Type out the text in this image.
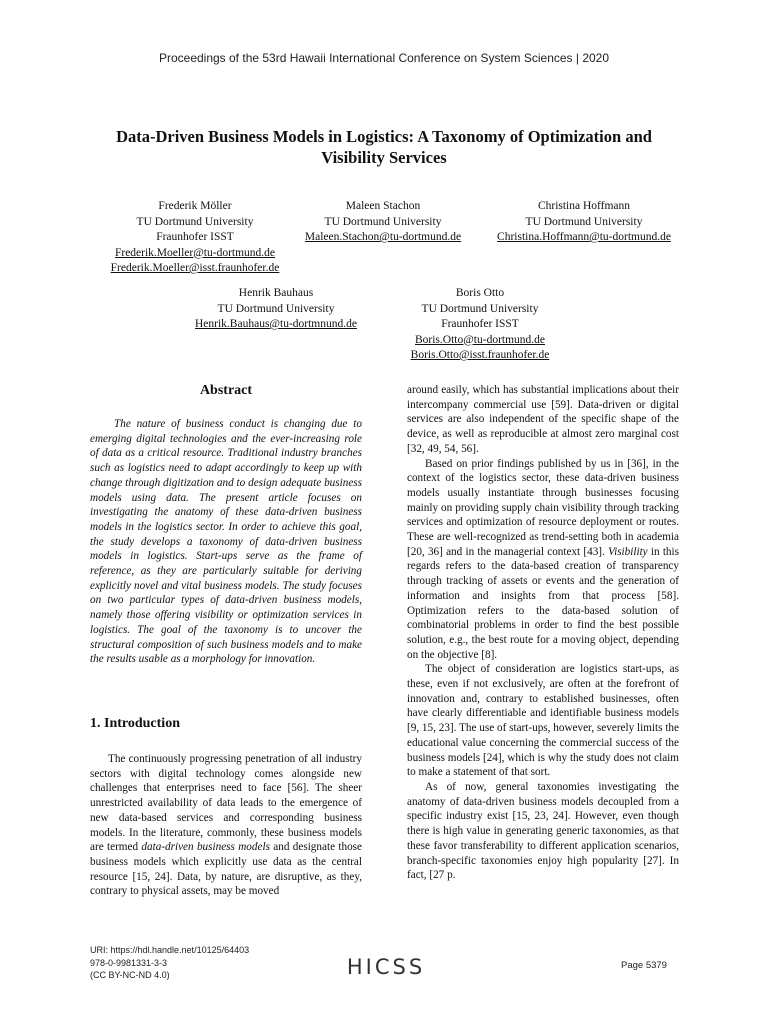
Proceedings of the 53rd Hawaii International Conference on System Sciences | 2020
Data-Driven Business Models in Logistics: A Taxonomy of Optimization and
Visibility Services
Frederik Möller
TU Dortmund University
Fraunhofer ISST
Frederik.Moeller@tu-dortmund.de
Frederik.Moeller@isst.fraunhofer.de
Maleen Stachon
TU Dortmund University
Maleen.Stachon@tu-dortmund.de
Christina Hoffmann
TU Dortmund University
Christina.Hoffmann@tu-dortmund.de
Henrik Bauhaus
TU Dortmund University
Henrik.Bauhaus@tu-dortmnund.de
Boris Otto
TU Dortmund University
Fraunhofer ISST
Boris.Otto@tu-dortmund.de
Boris.Otto@isst.fraunhofer.de
Abstract

The nature of business conduct is changing due to emerging digital technologies and the ever-increasing role of data as a critical resource. Traditional industry branches such as logistics need to adapt accordingly to keep up with change through digitization and to design adequate business models using data. The present article focuses on investigating the anatomy of these data-driven business models in the logistics sector. In order to achieve this goal, the study develops a taxonomy of data-driven business models in logistics. Start-ups serve as the frame of reference, as they are particularly suitable for deriving explicitly novel and vital business models. The study focuses on two particular types of data-driven business models, namely those offering visibility or optimization services in logistics. The goal of the taxonomy is to uncover the structural composition of such business models and to make the results usable as a morphology for innovation.

1. Introduction

The continuously progressing penetration of all industry sectors with digital technology comes alongside new challenges that enterprises need to face [56]. The sheer unrestricted availability of data leads to the emergence of new data-based services and corresponding business models. In the literature, commonly, these business models are termed data-driven business models and designate those business models which explicitly use data as the central resource [15, 24]. Data, by nature, are disruptive, as they, contrary to physical assets, may be moved

around easily, which has substantial implications about their intercompany commercial use [59]. Data-driven or digital services are also independent of the specific shape of the device, as well as reproducible at almost zero marginal cost [32, 49, 54, 56].

Based on prior findings published by us in [36], in the context of the logistics sector, these data-driven business models usually instantiate through businesses focusing mainly on providing supply chain visibility through tracking services and optimization of resource deployment or routes. These are well-recognized as trend-setting both in academia [20, 36] and in the managerial context [43]. Visibility in this regards refers to the data-based creation of transparency through tracking of assets or events and the generation of information and insights from that process [58]. Optimization refers to the data-based solution of combinatorial problems in order to find the best possible solution, e.g., the best route for a moving object, depending on the objective [8].

The object of consideration are logistics start-ups, as these, even if not exclusively, are often at the forefront of innovation and, contrary to established businesses, often have clearly differentiable and identifiable business models [9, 15, 23]. The use of start-ups, however, severely limits the educational value concerning the commercial success of the business models [24], which is why the study does not claim to make a statement of that sort.

As of now, general taxonomies investigating the anatomy of data-driven business models decoupled from a specific industry exist [15, 23, 24]. However, even though there is high value in generating generic taxonomies, as that these favor transferability to different application scenarios, branch-specific taxonomies enjoy high popularity [27]. In fact, [27 p.

URI: https://hdl.handle.net/10125/64403
978-0-9981331-3-3
(CC BY-NC-ND 4.0)	HICSS	Page 5379
